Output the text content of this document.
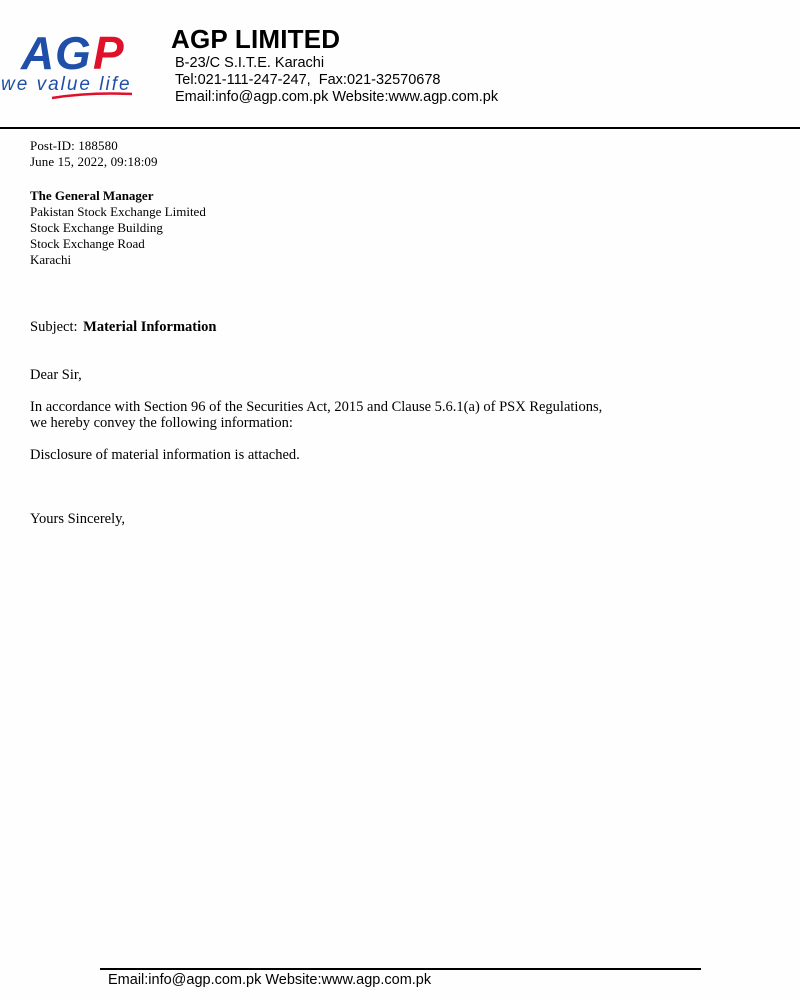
A G P
we value life
AGP LIMITED
B-23/C S.I.T.E. Karachi
Tel:021-111-247-247,  Fax:021-32570678
Email:info@agp.com.pk Website:www.agp.com.pk
Post-ID: 188580
June 15, 2022, 09:18:09
The General Manager
Pakistan Stock Exchange Limited
Stock Exchange Building
Stock Exchange Road
Karachi
Subject: Material Information
Dear Sir,
In accordance with Section 96 of the Securities Act, 2015 and Clause 5.6.1(a) of PSX Regulations,
we hereby convey the following information:
Disclosure of material information is attached.
Yours Sincerely,
Email:info@agp.com.pk Website:www.agp.com.pk
